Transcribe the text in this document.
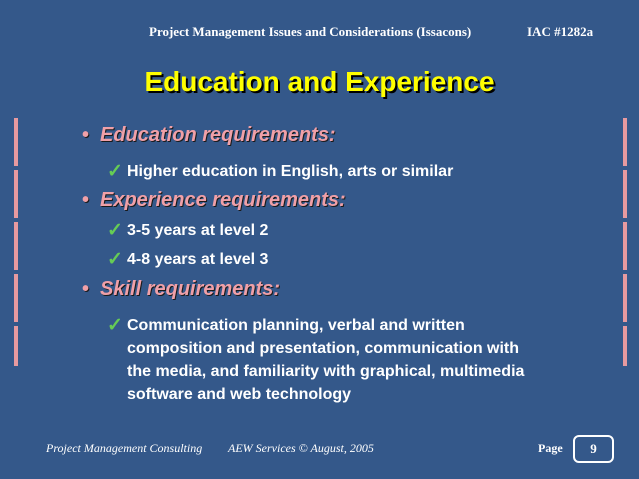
Project Management Issues and Considerations (Issacons)	IAC #1282a
Education and Experience
• Education requirements:
✓ Higher education in English, arts or similar
• Experience requirements:
✓ 3-5 years at level 2
✓ 4-8 years at level 3
• Skill requirements:
✓ Communication planning, verbal and written composition and presentation, communication with the media, and familiarity with graphical, multimedia software and web technology
Project Management Consulting AEW Services © August, 2005	Page	9
